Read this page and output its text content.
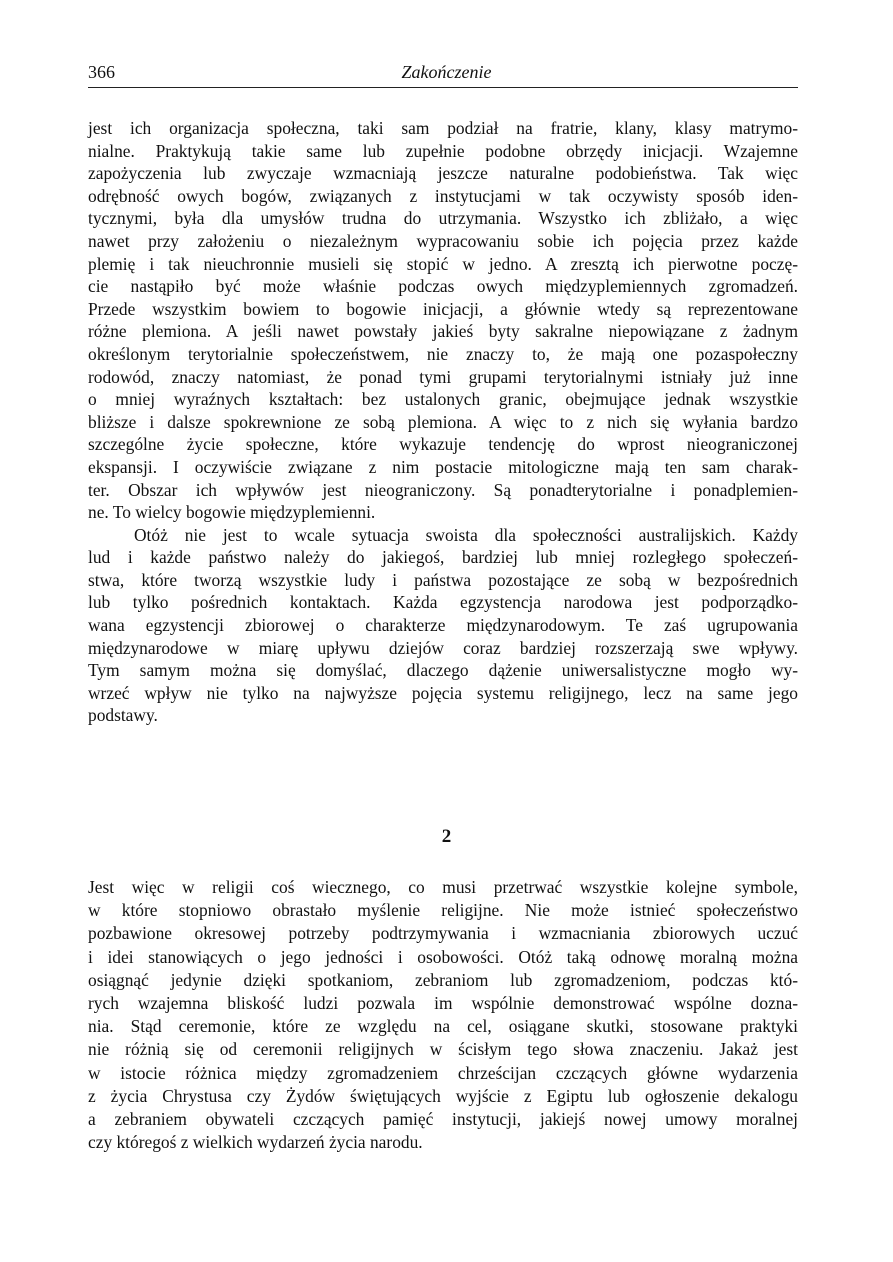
366	Zakończenie
jest ich organizacja społeczna, taki sam podział na fratrie, klany, klasy matrymo-
nialne. Praktykują takie same lub zupełnie podobne obrzędy inicjacji. Wzajemne
zapożyczenia lub zwyczaje wzmacniają jeszcze naturalne podobieństwa. Tak więc
odrębność owych bogów, związanych z instytucjami w tak oczywisty sposób iden-
tycznymi, była dla umysłów trudna do utrzymania. Wszystko ich zbliżało, a więc
nawet przy założeniu o niezależnym wypracowaniu sobie ich pojęcia przez każde
plemię i tak nieuchronnie musieli się stopić w jedno. A zresztą ich pierwotne poczę-
cie nastąpiło być może właśnie podczas owych międzyplemiennych zgromadzeń.
Przede wszystkim bowiem to bogowie inicjacji, a głównie wtedy są reprezentowane
różne plemiona. A jeśli nawet powstały jakieś byty sakralne niepowiązane z żadnym
określonym terytorialnie społeczeństwem, nie znaczy to, że mają one pozaspołeczny
rodowód, znaczy natomiast, że ponad tymi grupami terytorialnymi istniały już inne
o mniej wyraźnych kształtach: bez ustalonych granic, obejmujące jednak wszystkie
bliższe i dalsze spokrewnione ze sobą plemiona. A więc to z nich się wyłania bardzo
szczególne życie społeczne, które wykazuje tendencję do wprost nieograniczonej
ekspansji. I oczywiście związane z nim postacie mitologiczne mają ten sam charak-
ter. Obszar ich wpływów jest nieograniczony. Są ponadterytorialne i ponadplemien-
ne. To wielcy bogowie międzyplemienni.
Otóż nie jest to wcale sytuacja swoista dla społeczności australijskich. Każdy
lud i każde państwo należy do jakiegoś, bardziej lub mniej rozległego społeczeń-
stwa, które tworzą wszystkie ludy i państwa pozostające ze sobą w bezpośrednich
lub tylko pośrednich kontaktach. Każda egzystencja narodowa jest podporządko-
wana egzystencji zbiorowej o charakterze międzynarodowym. Te zaś ugrupowania
międzynarodowe w miarę upływu dziejów coraz bardziej rozszerzają swe wpływy.
Tym samym można się domyślać, dlaczego dążenie uniwersalistyczne mogło wy-
wrzeć wpływ nie tylko na najwyższe pojęcia systemu religijnego, lecz na same jego
podstawy.
2
Jest więc w religii coś wiecznego, co musi przetrwać wszystkie kolejne symbole,
w które stopniowo obrastało myślenie religijne. Nie może istnieć społeczeństwo
pozbawione okresowej potrzeby podtrzymywania i wzmacniania zbiorowych uczuć
i idei stanowiących o jego jedności i osobowości. Otóż taką odnowę moralną można
osiągnąć jedynie dzięki spotkaniom, zebraniom lub zgromadzeniom, podczas któ-
rych wzajemna bliskość ludzi pozwala im wspólnie demonstrować wspólne dozna-
nia. Stąd ceremonie, które ze względu na cel, osiągane skutki, stosowane praktyki
nie różnią się od ceremonii religijnych w ścisłym tego słowa znaczeniu. Jakaż jest
w istocie różnica między zgromadzeniem chrześcijan czczących główne wydarzenia
z życia Chrystusa czy Żydów świętujących wyjście z Egiptu lub ogłoszenie dekalogu
a zebraniem obywateli czczących pamięć instytucji, jakiejś nowej umowy moralnej
czy któregoś z wielkich wydarzeń życia narodu.
